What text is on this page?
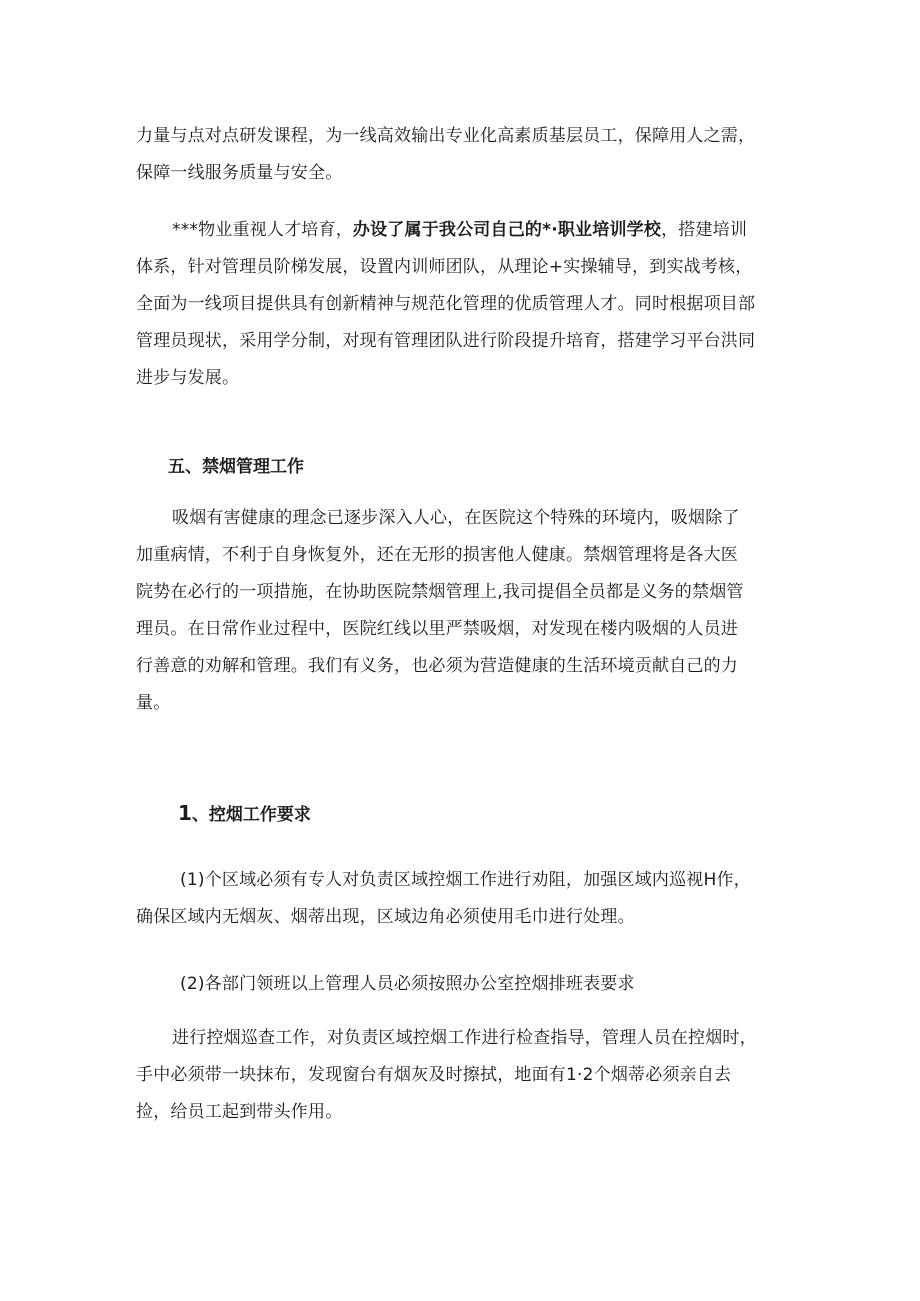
力量与点对点研发课程，为一线高效输出专业化高素质基层员工，保障用人之需，
保障一线服务质量与安全。

***物业重视人才培育，办设了属于我公司自己的*·职业培训学校，搭建培训
体系，针对管理员阶梯发展，设置内训师团队，从理论+实操辅导，到实战考核，
全面为一线项目提供具有创新精神与规范化管理的优质管理人才。同时根据项目部
管理员现状，采用学分制，对现有管理团队进行阶段提升培育，搭建学习平台洪同
进步与发展。

五、禁烟管理工作

吸烟有害健康的理念已逐步深入人心，在医院这个特殊的环境内，吸烟除了
加重病情，不利于自身恢复外，还在无形的损害他人健康。禁烟管理将是各大医
院势在必行的一项措施，在协助医院禁烟管理上,我司提倡全员都是义务的禁烟管
理员。在日常作业过程中，医院红线以里严禁吸烟，对发现在楼内吸烟的人员进
行善意的劝解和管理。我们有义务，也必须为营造健康的生活环境贡献自己的力
量。

1、控烟工作要求

(1)个区域必须有专人对负责区域控烟工作进行劝阻，加强区域内巡视H作，
确保区域内无烟灰、烟蒂出现，区域边角必须使用毛巾进行处理。

(2)各部门领班以上管理人员必须按照办公室控烟排班表要求

进行控烟巡查工作，对负责区域控烟工作进行检查指导，管理人员在控烟时，
手中必须带一块抹布，发现窗台有烟灰及时擦拭，地面有1·2个烟蒂必须亲自去
捡，给员工起到带头作用。
